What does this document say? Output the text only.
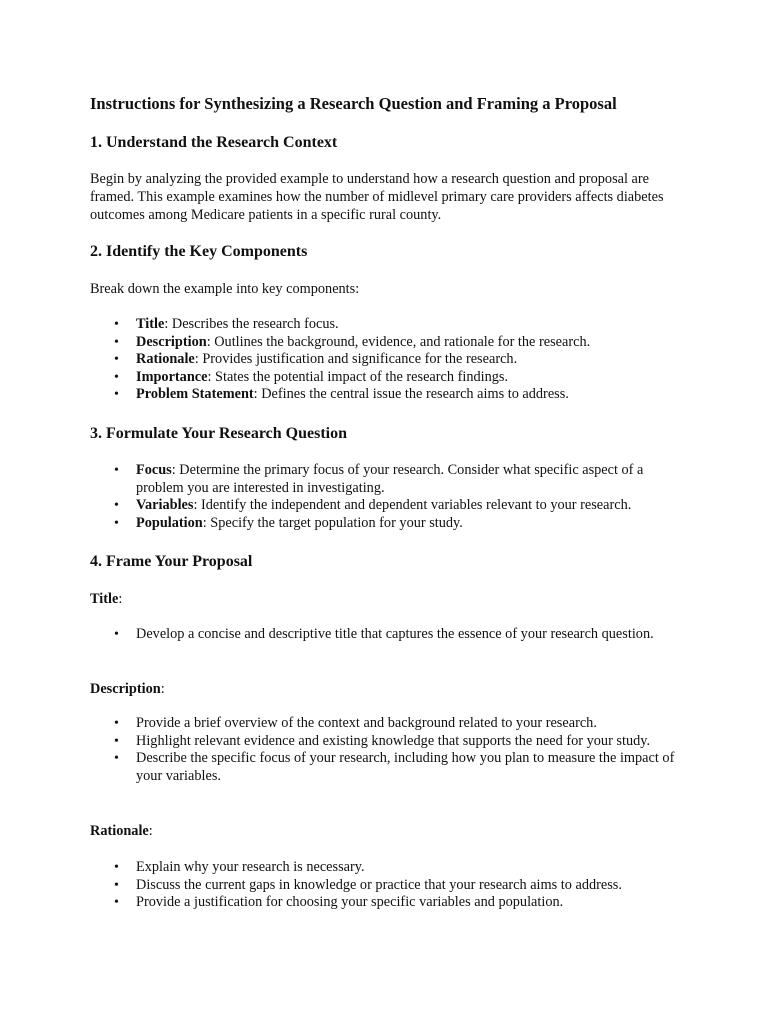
Instructions for Synthesizing a Research Question and Framing a Proposal
1. Understand the Research Context

Begin by analyzing the provided example to understand how a research question and proposal are framed. This example examines how the number of midlevel primary care providers affects diabetes outcomes among Medicare patients in a specific rural county.

2. Identify the Key Components

Break down the example into key components:

• Title: Describes the research focus.
• Description: Outlines the background, evidence, and rationale for the research.
• Rationale: Provides justification and significance for the research.
• Importance: States the potential impact of the research findings.
• Problem Statement: Defines the central issue the research aims to address.
3. Formulate Your Research Question
• Focus: Determine the primary focus of your research. Consider what specific aspect of a problem you are interested in investigating.
• Variables: Identify the independent and dependent variables relevant to your research.
• Population: Specify the target population for your study.
4. Frame Your Proposal
Title:
• Develop a concise and descriptive title that captures the essence of your research question.
Description:
• Provide a brief overview of the context and background related to your research.
• Highlight relevant evidence and existing knowledge that supports the need for your study.
• Describe the specific focus of your research, including how you plan to measure the impact of your variables.
Rationale:
• Explain why your research is necessary.
• Discuss the current gaps in knowledge or practice that your research aims to address.
• Provide a justification for choosing your specific variables and population.
